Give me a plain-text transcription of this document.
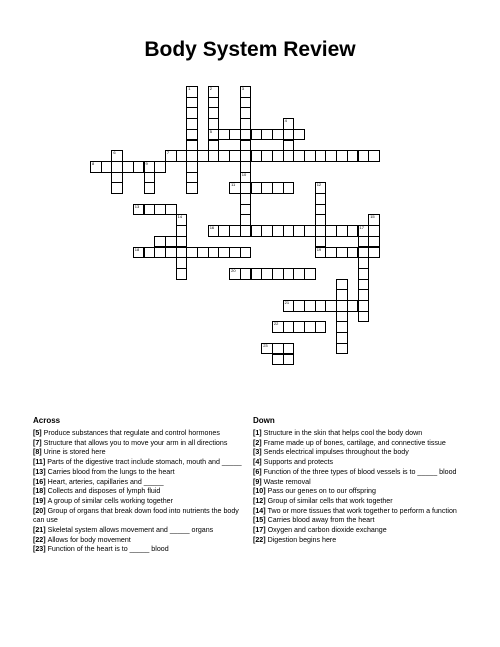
Body System Review
1	2
5
3
10
4
6	7
8	9
11	12
19
13
14
16
15
17
18
20
21
22
23
Across
[5] Produce substances that regulate and control hormones
[7] Structure that allows you to move your arm in all directions
[8] Urine is stored here
[11] Parts of the digestive tract include stomach, mouth and _____
[13] Carries blood from the lungs to the heart
[16] Heart, arteries, capillaries and _____
[18] Collects and disposes of lymph fluid
[19] A group of similar cells working together
[20] Group of organs that break down food into nutrients the body can use
[21] Skeletal system allows movement and _____ organs
[22] Allows for body movement
[23] Function of the heart is to _____ blood
Down
[1] Structure in the skin that helps cool the body down
[2] Frame made up of bones, cartilage, and connective tissue
[3] Sends electrical impulses throughout the body
[4] Supports and protects
[6] Function of the three types of blood vessels is to _____ blood
[9] Waste removal
[10] Pass our genes on to our offspring
[12] Group of similar cells that work together
[14] Two or more tissues that work together to perform a function
[15] Carries blood away from the heart
[17] Oxygen and carbon dioxide exchange
[22] Digestion begins here
